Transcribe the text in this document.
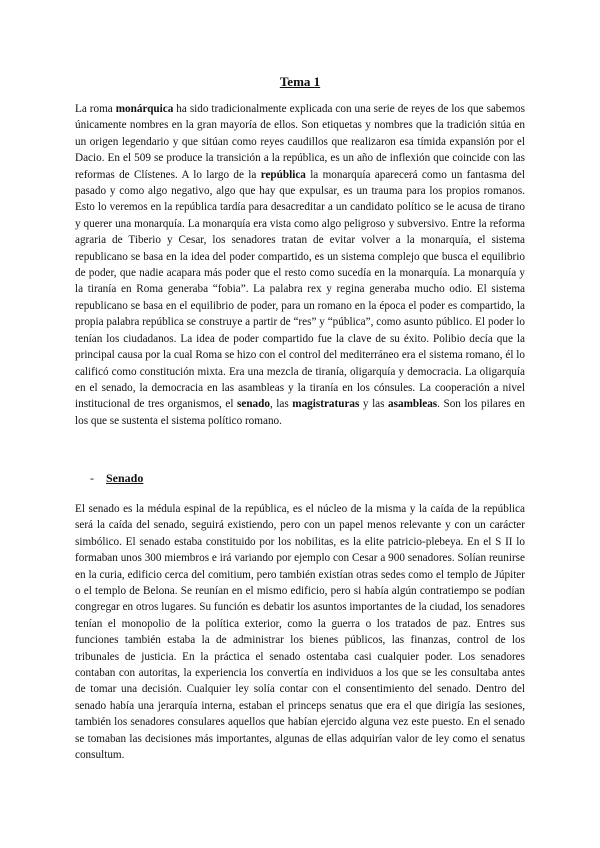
Tema 1

La roma monárquica ha sido tradicionalmente explicada con una serie de reyes de los que sabemos únicamente nombres en la gran mayoría de ellos. Son etiquetas y nombres que la tradición sitúa en un origen legendario y que sitúan como reyes caudillos que realizaron esa tímida expansión por el Dacio. En el 509 se produce la transición a la república, es un año de inflexión que coincide con las reformas de Clístenes. A lo largo de la república la monarquía aparecerá como un fantasma del pasado y como algo negativo, algo que hay que expulsar, es un trauma para los propios romanos. Esto lo veremos en la república tardía para desacreditar a un candidato político se le acusa de tirano y querer una monarquía. La monarquía era vista como algo peligroso y subversivo. Entre la reforma agraria de Tiberio y Cesar, los senadores tratan de evitar volver a la monarquía, el sistema republicano se basa en la idea del poder compartido, es un sistema complejo que busca el equilibrio de poder, que nadie acapara más poder que el resto como sucedía en la monarquía. La monarquía y la tiranía en Roma generaba “fobia”. La palabra rex y regina generaba mucho odio. El sistema republicano se basa en el equilibrio de poder, para un romano en la época el poder es compartido, la propia palabra república se construye a partir de “res” y “pública”, como asunto público. El poder lo tenían los ciudadanos. La idea de poder compartido fue la clave de su éxito. Polibio decía que la principal causa por la cual Roma se hizo con el control del mediterráneo era el sistema romano, él lo calificó como constitución mixta. Era una mezcla de tiranía, oligarquía y democracia. La oligarquía en el senado, la democracia en las asambleas y la tiranía en los cónsules. La cooperación a nivel institucional de tres organismos, el senado, las magistraturas y las asambleas. Son los pilares en los que se sustenta el sistema político romano.

- Senado

El senado es la médula espinal de la república, es el núcleo de la misma y la caída de la república será la caída del senado, seguirá existiendo, pero con un papel menos relevante y con un carácter simbólico. El senado estaba constituido por los nobilitas, es la elite patricio-plebeya. En el S II lo formaban unos 300 miembros e irá variando por ejemplo con Cesar a 900 senadores. Solían reunirse en la curia, edificio cerca del comitium, pero también existían otras sedes como el templo de Júpiter o el templo de Belona. Se reunían en el mismo edificio, pero si había algún contratiempo se podían congregar en otros lugares. Su función es debatir los asuntos importantes de la ciudad, los senadores tenían el monopolio de la política exterior, como la guerra o los tratados de paz. Entres sus funciones también estaba la de administrar los bienes públicos, las finanzas, control de los tribunales de justicia. En la práctica el senado ostentaba casi cualquier poder. Los senadores contaban con autoritas, la experiencia los convertía en individuos a los que se les consultaba antes de tomar una decisión. Cualquier ley solía contar con el consentimiento del senado. Dentro del senado había una jerarquía interna, estaban el princeps senatus que era el que dirigía las sesiones, también los senadores consulares aquellos que habían ejercido alguna vez este puesto. En el senado se tomaban las decisiones más importantes, algunas de ellas adquirían valor de ley como el senatus consultum.
